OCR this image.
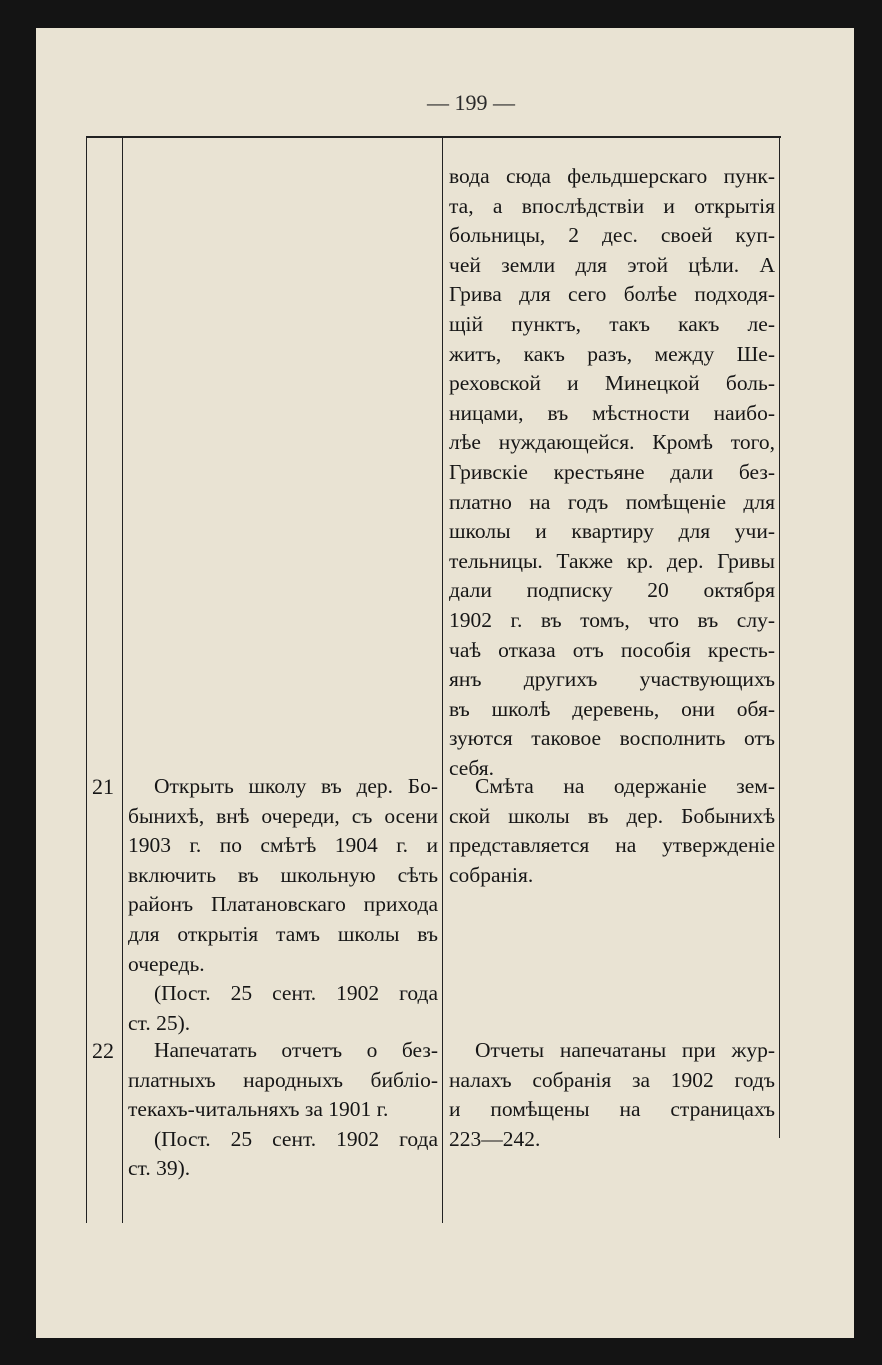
— 199 —
вода сюда фельдшерскаго пунк-
та, а впослѣдствіи и открытія
больницы, 2 дес. своей куп-
чей земли для этой цѣли. А
Грива для сего болѣе подходя-
щій пунктъ, такъ какъ ле-
житъ, какъ разъ, между Ше-
реховской и Минецкой боль-
ницами, въ мѣстности наибо-
лѣе нуждающейся. Кромѣ того,
Гривскіе крестьяне дали без-
платно на годъ помѣщеніе для
школы и квартиру для учи-
тельницы. Также кр. дер. Гривы
дали подписку 20 октября
1902 г. въ томъ, что въ слу-
чаѣ отказа отъ пособія кресть-
янъ другихъ участвующихъ
въ школѣ деревень, они обя-
зуются таковое восполнить отъ
себя.
21	Открыть школу въ дер. Бо-
бынихѣ, внѣ очереди, съ осени
1903 г. по смѣтѣ 1904 г. и
включить въ школьную сѣть
районъ Платановскаго прихода
для открытія тамъ школы въ
очередь.
(Пост. 25 сент. 1902 года
ст. 25).
Смѣта на одержаніе зем-
ской школы въ дер. Бобынихѣ
представляется на утвержденіе
собранія.
22	Напечатать отчетъ о без-
платныхъ народныхъ библіо-
текахъ-читальняхъ за 1901 г.
(Пост. 25 сент. 1902 года
ст. 39).
Отчеты напечатаны при жур-
налахъ собранія за 1902 годъ
и помѣщены на страницахъ
223—242.
